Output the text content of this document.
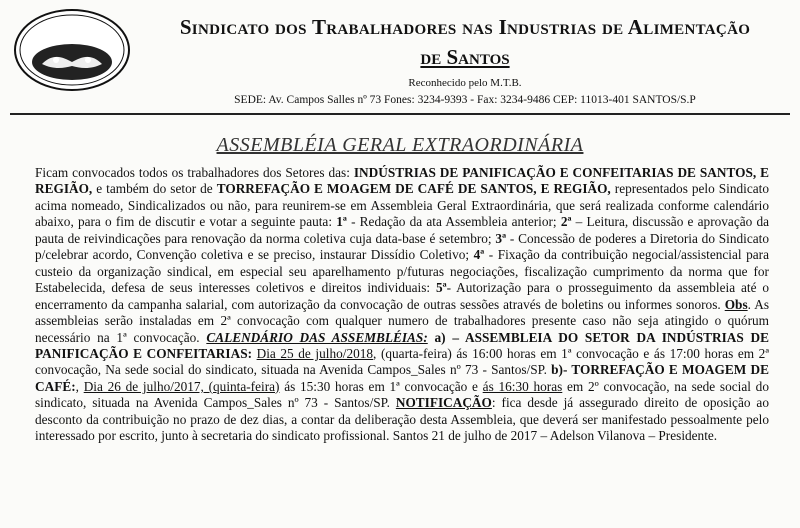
Sindicato dos Trabalhadores nas Industrias de Alimentação
de Santos
Reconhecido pelo M.T.B.
SEDE: Av. Campos Salles nº 73 Fones: 3234-9393 - Fax: 3234-9486 CEP: 11013-401 SANTOS/S.P
ASSEMBLÉIA GERAL EXTRAORDINÁRIA
Ficam convocados todos os trabalhadores dos Setores das: INDÚSTRIAS DE PANIFICAÇÃO E CONFEITARIAS DE SANTOS, E REGIÃO, e também do setor de TORREFAÇÃO E MOAGEM DE CAFÉ DE SANTOS, E REGIÃO, representados pelo Sindicato acima nomeado, Sindicalizados ou não, para reunirem-se em Assembleia Geral Extraordinária, que será realizada conforme calendário abaixo, para o fim de discutir e votar a seguinte pauta: 1ª - Redação da ata Assembleia anterior; 2ª – Leitura, discussão e aprovação da pauta de reivindicações para renovação da norma coletiva cuja data-base é setembro; 3ª - Concessão de poderes a Diretoria do Sindicato p/celebrar acordo, Convenção coletiva e se preciso, instaurar Dissídio Coletivo; 4ª - Fixação da contribuição negocial/assistencial para custeio da organização sindical, em especial seu aparelhamento p/futuras negociações, fiscalização cumprimento da norma que for Estabelecida, defesa de seus interesses coletivos e direitos individuais: 5ª- Autorização para o prosseguimento da assembleia até o encerramento da campanha salarial, com autorização da convocação de outras sessões através de boletins ou informes sonoros. Obs. As assembleias serão instaladas em 2ª convocação com qualquer numero de trabalhadores presente caso não seja atingido o quórum necessário na 1ª convocação. CALENDÁRIO DAS ASSEMBLÉIAS: a) – ASSEMBLEIA DO SETOR DA INDÚSTRIAS DE PANIFICAÇÃO E CONFEITARIAS: Dia 25 de julho/2018, (quarta-feira) ás 16:00 horas em 1ª convocação e ás 17:00 horas em 2ª convocação, Na sede social do sindicato, situada na Avenida Campos_Sales nº 73 - Santos/SP. b)- TORREFAÇÃO E MOAGEM DE CAFÉ:, Dia 26 de julho/2017, (quinta-feira) ás 15:30 horas em 1ª convocação e ás 16:30 horas em 2º convocação, na sede social do sindicato, situada na Avenida Campos_Sales nº 73 - Santos/SP. NOTIFICAÇÃO: fica desde já assegurado direito de oposição ao desconto da contribuição no prazo de dez dias, a contar da deliberação desta Assembleia, que deverá ser manifestado pessoalmente pelo interessado por escrito, junto à secretaria do sindicato profissional. Santos 21 de julho de 2017 – Adelson Vilanova – Presidente.
